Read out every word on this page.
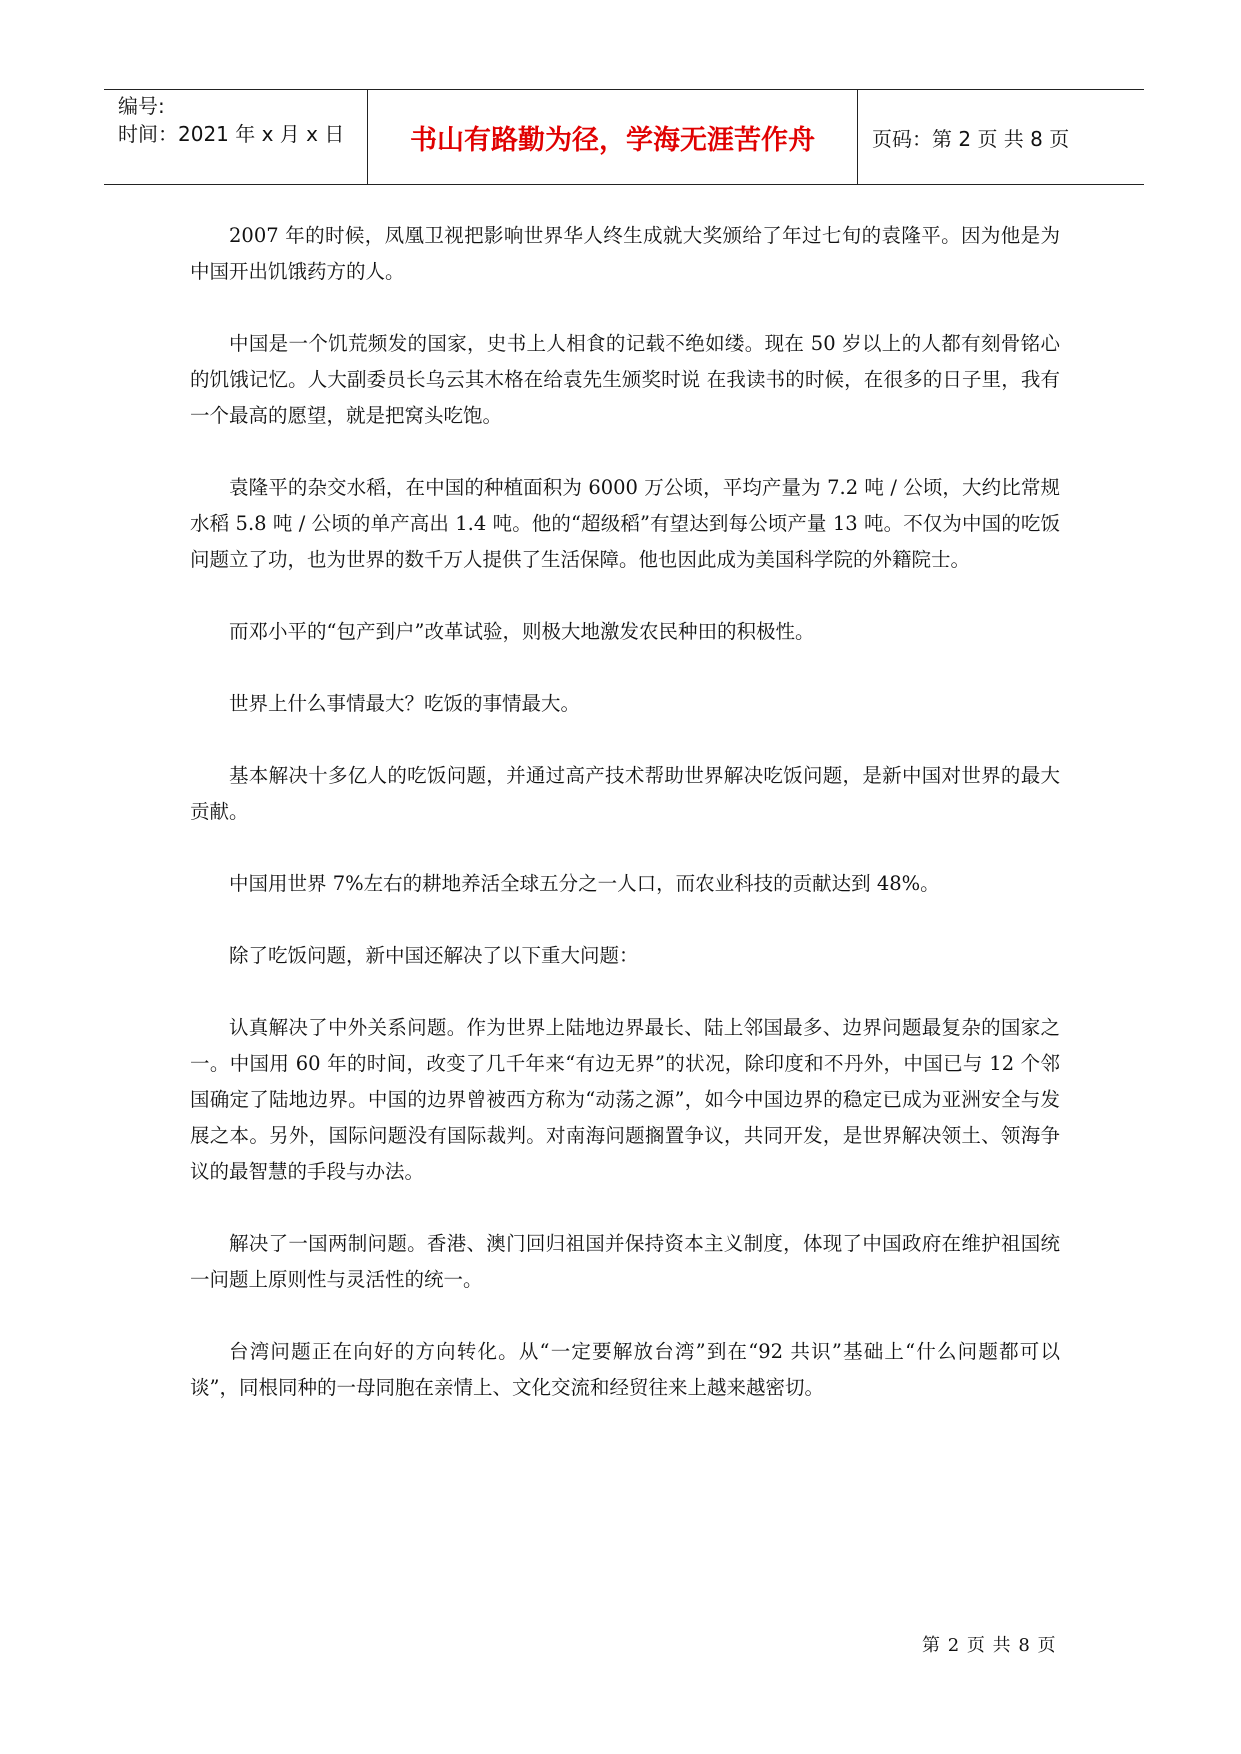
编号:
时间：2021 年 x 月 x 日	书山有路勤为径，学海无涯苦作舟	页码：第 2 页 共 8 页

2007 年的时候，凤凰卫视把影响世界华人终生成就大奖颁给了年过七旬的袁隆平。因为他是为中国开出饥饿药方的人。

中国是一个饥荒频发的国家，史书上人相食的记载不绝如缕。现在 50 岁以上的人都有刻骨铭心的饥饿记忆。人大副委员长乌云其木格在给袁先生颁奖时说 在我读书的时候，在很多的日子里，我有一个最高的愿望，就是把窝头吃饱。

袁隆平的杂交水稻，在中国的种植面积为 6000 万公顷，平均产量为 7.2 吨 / 公顷，大约比常规水稻 5.8 吨 / 公顷的单产高出 1.4 吨。他的“超级稻”有望达到每公顷产量 13 吨。不仅为中国的吃饭问题立了功，也为世界的数千万人提供了生活保障。他也因此成为美国科学院的外籍院士。

而邓小平的“包产到户”改革试验，则极大地激发农民种田的积极性。

世界上什么事情最大？吃饭的事情最大。

基本解决十多亿人的吃饭问题，并通过高产技术帮助世界解决吃饭问题，是新中国对世界的最大贡献。

中国用世界 7%左右的耕地养活全球五分之一人口，而农业科技的贡献达到 48%。

除了吃饭问题，新中国还解决了以下重大问题：

认真解决了中外关系问题。作为世界上陆地边界最长、陆上邻国最多、边界问题最复杂的国家之一。中国用 60 年的时间，改变了几千年来“有边无界”的状况，除印度和不丹外，中国已与 12 个邻国确定了陆地边界。中国的边界曾被西方称为“动荡之源”，如今中国边界的稳定已成为亚洲安全与发展之本。另外，国际问题没有国际裁判。对南海问题搁置争议，共同开发，是世界解决领土、领海争议的最智慧的手段与办法。

解决了一国两制问题。香港、澳门回归祖国并保持资本主义制度，体现了中国政府在维护祖国统一问题上原则性与灵活性的统一。

台湾问题正在向好的方向转化。从“一定要解放台湾”到在“92 共识”基础上“什么问题都可以谈”，同根同种的一母同胞在亲情上、文化交流和经贸往来上越来越密切。

第 2 页 共 8 页
